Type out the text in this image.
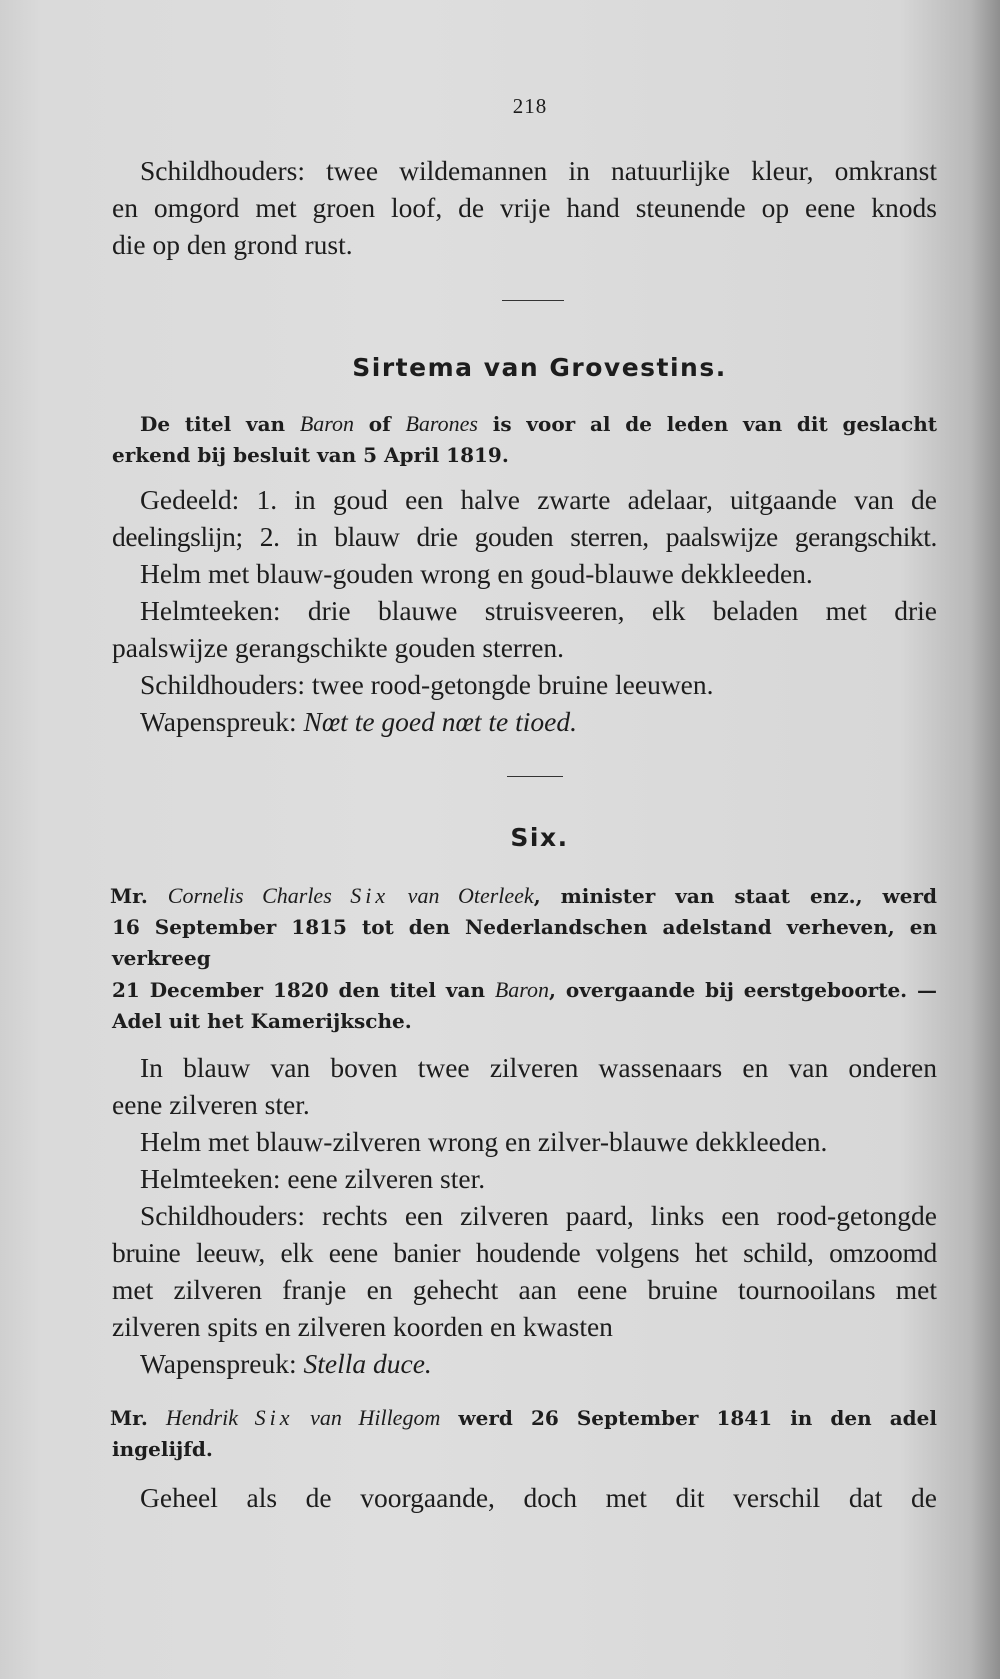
218

Schildhouders: twee wildemannen in natuurlijke kleur, omkranst

en omgord met groen loof, de vrije hand steunende op eene knods

die op den grond rust.

Sirtema van Grovestins.

De titel van Baron of Barones is voor al de leden van dit geslacht

erkend bij besluit van 5 April 1819.

Gedeeld: 1. in goud een halve zwarte adelaar, uitgaande van de

deelingslijn; 2. in blauw drie gouden sterren, paalswijze gerangschikt.

Helm met blauw-gouden wrong en goud-blauwe dekkleeden.

Helmteeken: drie blauwe struisveeren, elk beladen met drie

paalswijze gerangschikte gouden sterren.

Schildhouders: twee rood-getongde bruine leeuwen.

Wapenspreuk: Nœt te goed nœt te tioed.

Six.

Mr. Cornelis Charles Six van Oterleek, minister van staat enz., werd

16 September 1815 tot den Nederlandschen adelstand verheven, en verkreeg

21 December 1820 den titel van Baron, overgaande bij eerstgeboorte. —

Adel uit het Kamerijksche.

In blauw van boven twee zilveren wassenaars en van onderen

eene zilveren ster.

Helm met blauw-zilveren wrong en zilver-blauwe dekkleeden.

Helmteeken: eene zilveren ster.

Schildhouders: rechts een zilveren paard, links een rood-getongde

bruine leeuw, elk eene banier houdende volgens het schild, omzoomd

met zilveren franje en gehecht aan eene bruine tournooilans met

zilveren spits en zilveren koorden en kwasten

Wapenspreuk: Stella duce.

Mr. Hendrik Six van Hillegom werd 26 September 1841 in den adel

ingelijfd.

Geheel als de voorgaande, doch met dit verschil dat de
